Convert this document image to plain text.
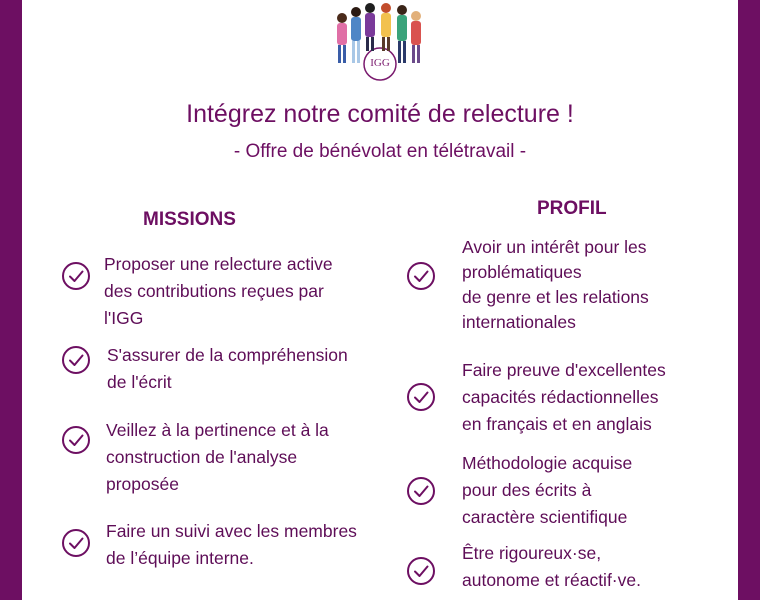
IGG
Intégrez notre comité de relecture !
- Offre de bénévolat en télétravail -
MISSIONS
PROFIL
Proposer une relecture active
des contributions reçues par
l'IGG
S'assurer de la compréhension
de l'écrit
Veillez à la pertinence et à la
construction de l'analyse
proposée
Faire un suivi avec les membres
de l’équipe interne.
Avoir un intérêt pour les
problématiques
de genre et les relations
internationales
Faire preuve d'excellentes
capacités rédactionnelles
en français et en anglais
Méthodologie acquise
pour des écrits à
caractère scientifique
Être rigoureux·se,
autonome et réactif·ve.
